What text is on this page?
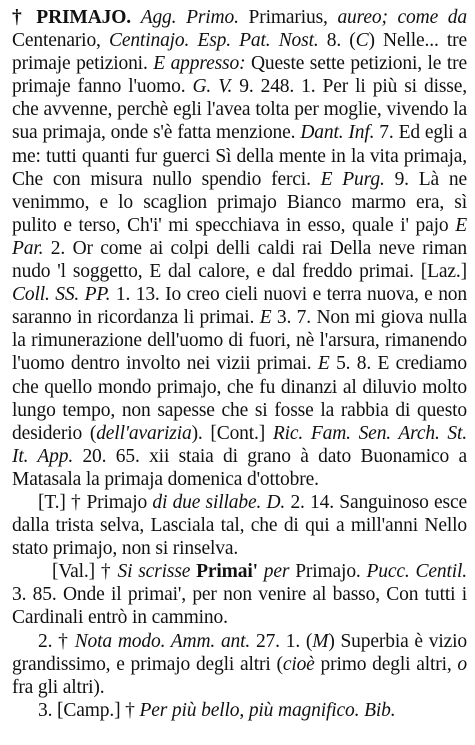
† PRIMAJO. Agg. Primo. Primarius, aureo; come da Centenario, Centinajo. Esp. Pat. Nost. 8. (C) Nelle... tre primaje petizioni. E appresso: Queste sette petizioni, le tre primaje fanno l'uomo. G. V. 9. 248. 1. Per li più si disse, che avvenne, perchè egli l'avea tolta per moglie, vivendo la sua primaja, onde s'è fatta menzione. Dant. Inf. 7. Ed egli a me: tutti quanti fur guerci Sì della mente in la vita primaja, Che con misura nullo spendio ferci. E Purg. 9. Là ne venimmo, e lo scaglion primajo Bianco marmo era, sì pulito e terso, Ch'i' mi specchiava in esso, quale i' pajo E Par. 2. Or come ai colpi delli caldi rai Della neve riman nudo 'l soggetto, E dal calore, e dal freddo primai. [Laz.] Coll. SS. PP. 1. 13. Io creo cieli nuovi e terra nuova, e non saranno in ricordanza li primai. E 3. 7. Non mi giova nulla la rimunerazione dell'uomo di fuori, nè l'arsura, rimanendo l'uomo dentro involto nei vizii primai. E 5. 8. E crediamo che quello mondo primajo, che fu dinanzi al diluvio molto lungo tempo, non sapesse che si fosse la rabbia di questo desiderio (dell'avarizia). [Cont.] Ric. Fam. Sen. Arch. St. It. App. 20. 65. xii staia di grano à dato Buonamico a Matasala la primaja domenica d'ottobre.

[T.] † Primajo di due sillabe. D. 2. 14. Sanguinoso esce dalla trista selva, Lasciala tal, che di qui a mill'anni Nello stato primajo, non si rinselva.

[Val.] † Si scrisse Primai' per Primajo. Pucc. Centil. 3. 85. Onde il primai', per non venire al basso, Con tutti i Cardinali entrò in cammino.

2. † Nota modo. Amm. ant. 27. 1. (M) Superbia è vizio grandissimo, e primajo degli altri (cioè primo degli altri, o fra gli altri).

3. [Camp.] † Per più bello, più magnifico. Bib.
